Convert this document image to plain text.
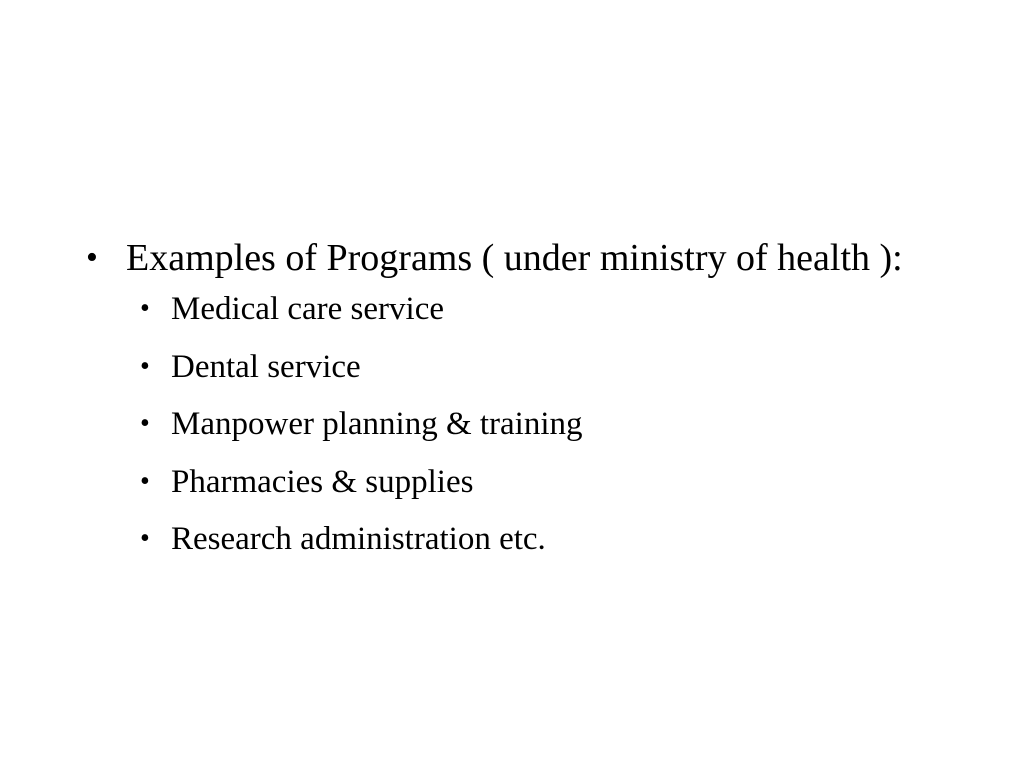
• Examples of Programs ( under ministry of health ):
• Medical care service
• Dental service
• Manpower planning & training
• Pharmacies & supplies
• Research administration etc.
